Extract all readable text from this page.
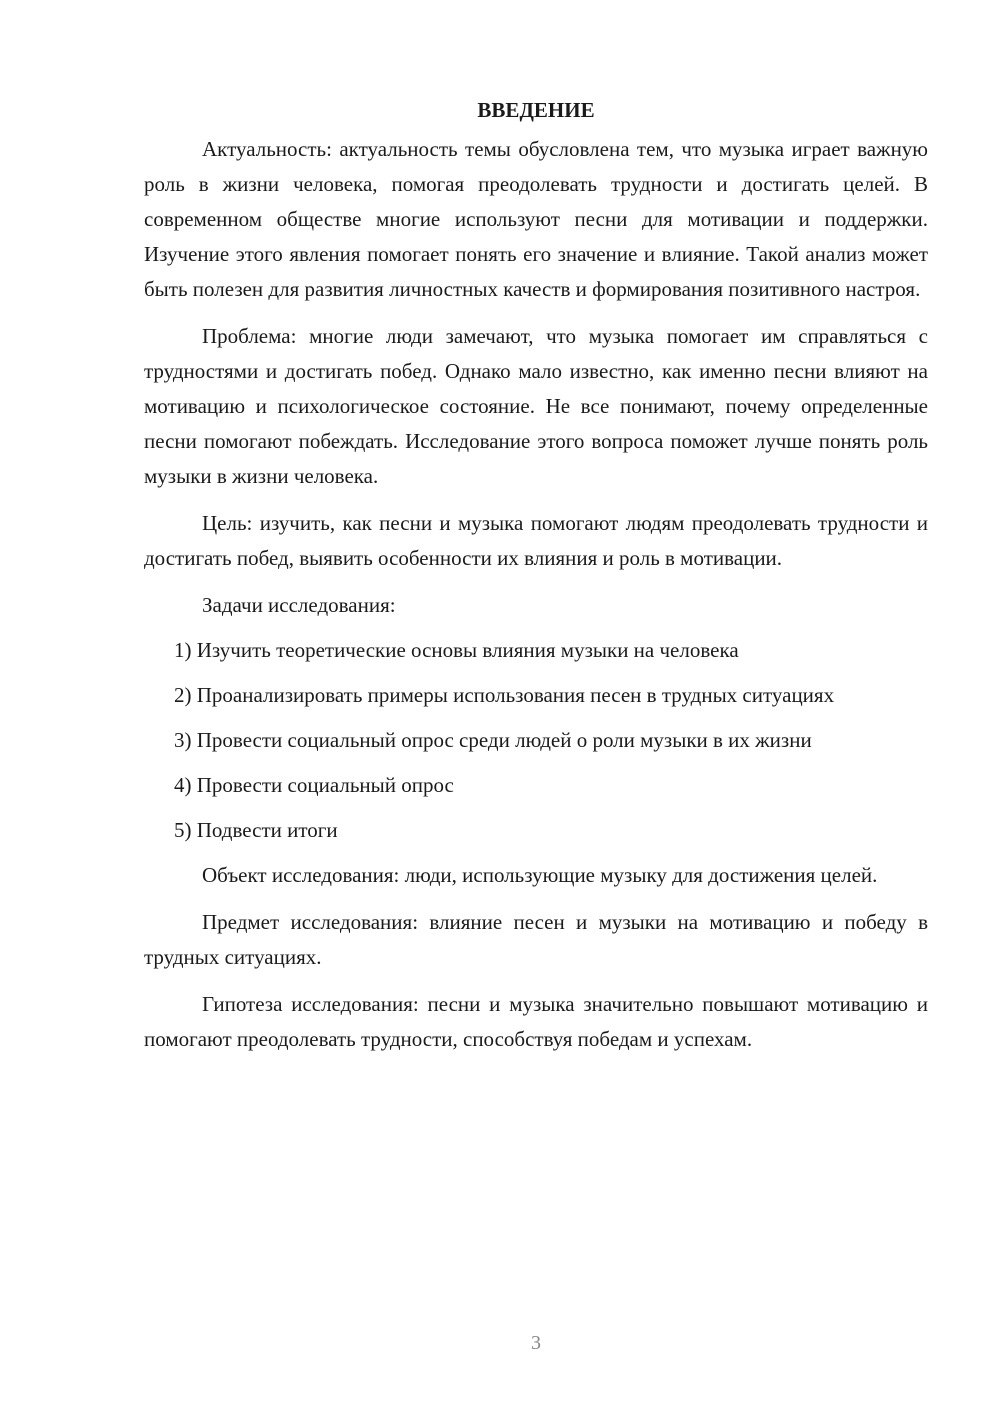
ВВЕДЕНИЕ

Актуальность: актуальность темы обусловлена тем, что музыка играет важную роль в жизни человека, помогая преодолевать трудности и достигать целей. В современном обществе многие используют песни для мотивации и поддержки. Изучение этого явления помогает понять его значение и влияние. Такой анализ может быть полезен для развития личностных качеств и формирования позитивного настроя.

Проблема: многие люди замечают, что музыка помогает им справляться с трудностями и достигать побед. Однако мало известно, как именно песни влияют на мотивацию и психологическое состояние. Не все понимают, почему определенные песни помогают побеждать. Исследование этого вопроса поможет лучше понять роль музыки в жизни человека.

Цель: изучить, как песни и музыка помогают людям преодолевать трудности и достигать побед, выявить особенности их влияния и роль в мотивации.

Задачи исследования:

1) Изучить теоретические основы влияния музыки на человека

2) Проанализировать примеры использования песен в трудных ситуациях

3) Провести социальный опрос среди людей о роли музыки в их жизни

4) Провести социальный опрос

5) Подвести итоги

Объект исследования: люди, использующие музыку для достижения целей.

Предмет исследования: влияние песен и музыки на мотивацию и победу в трудных ситуациях.

Гипотеза исследования: песни и музыка значительно повышают мотивацию и помогают преодолевать трудности, способствуя победам и успехам.

3
